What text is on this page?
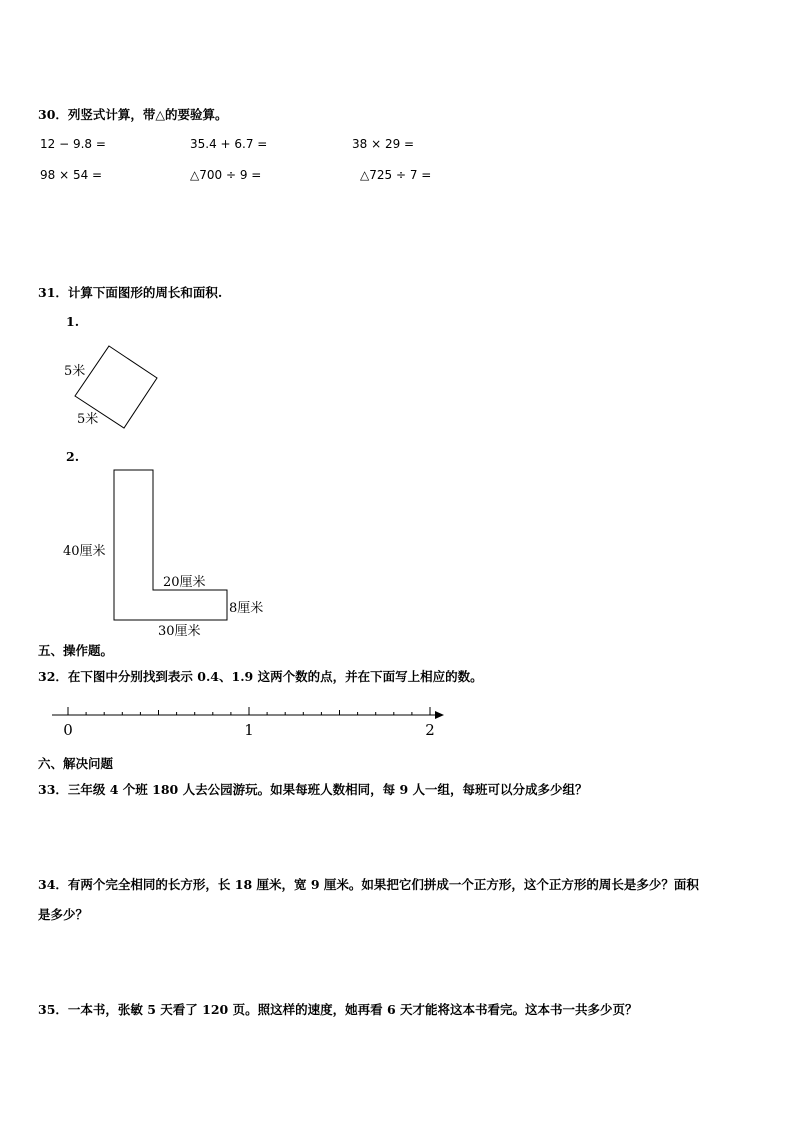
30．列竖式计算，带△的要验算。
12 − 9.8 =	35.4 + 6.7 =	38 × 29 =
98 × 54 =	△700 ÷ 9 =	△725 ÷ 7 =
31．计算下面图形的周长和面积.
1.
5米
5米
2.
40厘米
20厘米
8厘米
30厘米
五、操作题。
32．在下图中分别找到表示 0.4、1.9 这两个数的点，并在下面写上相应的数。
0	1	2
六、解决问题
33．三年级 4 个班 180 人去公园游玩。如果每班人数相同，每 9 人一组，每班可以分成多少组？
34．有两个完全相同的长方形，长 18 厘米，宽 9 厘米。如果把它们拼成一个正方形，这个正方形的周长是多少？面积
是多少？
35．一本书，张敏 5 天看了 120 页。照这样的速度，她再看 6 天才能将这本书看完。这本书一共多少页？
